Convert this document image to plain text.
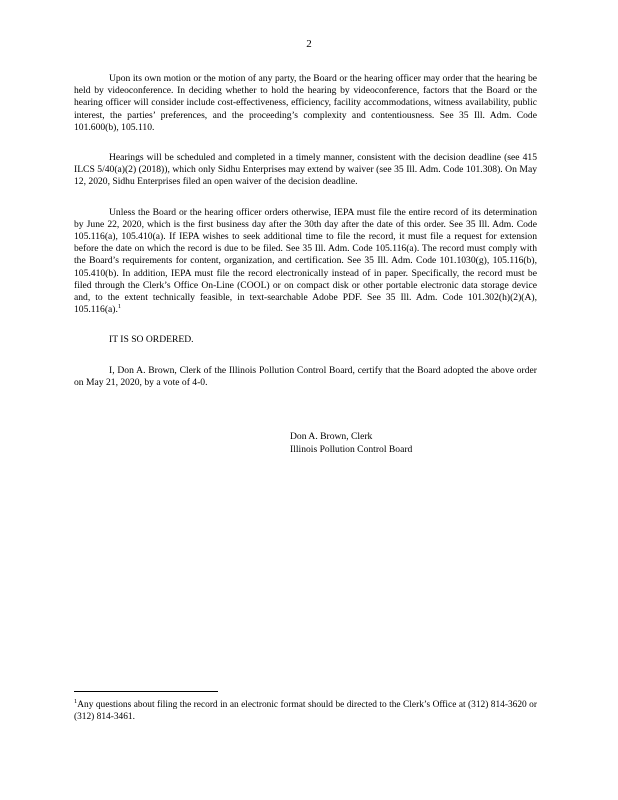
2

Upon its own motion or the motion of any party, the Board or the hearing officer may order that the hearing be held by videoconference. In deciding whether to hold the hearing by videoconference, factors that the Board or the hearing officer will consider include cost-effectiveness, efficiency, facility accommodations, witness availability, public interest, the parties’ preferences, and the proceeding’s complexity and contentiousness. See 35 Ill. Adm. Code 101.600(b), 105.110.

Hearings will be scheduled and completed in a timely manner, consistent with the decision deadline (see 415 ILCS 5/40(a)(2) (2018)), which only Sidhu Enterprises may extend by waiver (see 35 Ill. Adm. Code 101.308). On May 12, 2020, Sidhu Enterprises filed an open waiver of the decision deadline.

Unless the Board or the hearing officer orders otherwise, IEPA must file the entire record of its determination by June 22, 2020, which is the first business day after the 30th day after the date of this order. See 35 Ill. Adm. Code 105.116(a), 105.410(a). If IEPA wishes to seek additional time to file the record, it must file a request for extension before the date on which the record is due to be filed. See 35 Ill. Adm. Code 105.116(a). The record must comply with the Board’s requirements for content, organization, and certification. See 35 Ill. Adm. Code 101.1030(g), 105.116(b), 105.410(b). In addition, IEPA must file the record electronically instead of in paper. Specifically, the record must be filed through the Clerk’s Office On-Line (COOL) or on compact disk or other portable electronic data storage device and, to the extent technically feasible, in text-searchable Adobe PDF. See 35 Ill. Adm. Code 101.302(h)(2)(A), 105.116(a).$^1$

IT IS SO ORDERED.

I, Don A. Brown, Clerk of the Illinois Pollution Control Board, certify that the Board adopted the above order on May 21, 2020, by a vote of 4-0.

Don A. Brown, Clerk
Illinois Pollution Control Board
$^1$Any questions about filing the record in an electronic format should be directed to the Clerk’s Office at (312) 814-3620 or (312) 814-3461.
